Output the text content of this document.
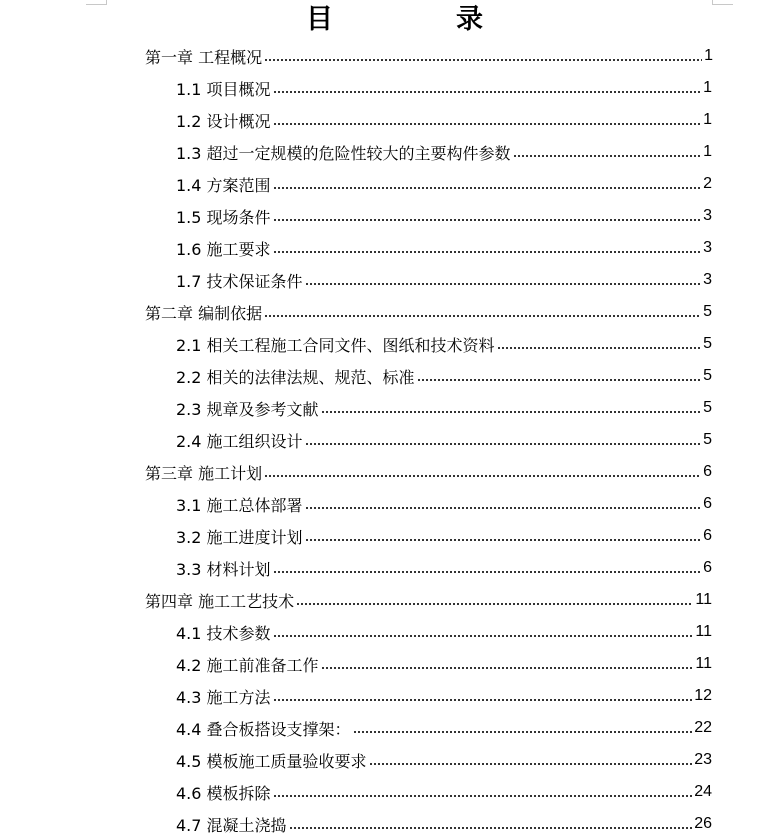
目　录
第一章 工程概况	1
1.1 项目概况	1
1.2 设计概况	1
1.3 超过一定规模的危险性较大的主要构件参数	1
1.4 方案范围	2
1.5 现场条件	3
1.6 施工要求	3
1.7 技术保证条件	3
第二章 编制依据	5
2.1 相关工程施工合同文件、图纸和技术资料	5
2.2 相关的法律法规、规范、标准	5
2.3 规章及参考文献	5
2.4 施工组织设计	5
第三章 施工计划	6
3.1 施工总体部署	6
3.2 施工进度计划	6
3.3 材料计划	6
第四章 施工工艺技术	11
4.1 技术参数	11
4.2 施工前准备工作	11
4.3 施工方法	12
4.4 叠合板搭设支撑架：	22
4.5 模板施工质量验收要求	23
4.6 模板拆除	24
4.7 混凝土浇捣	26
